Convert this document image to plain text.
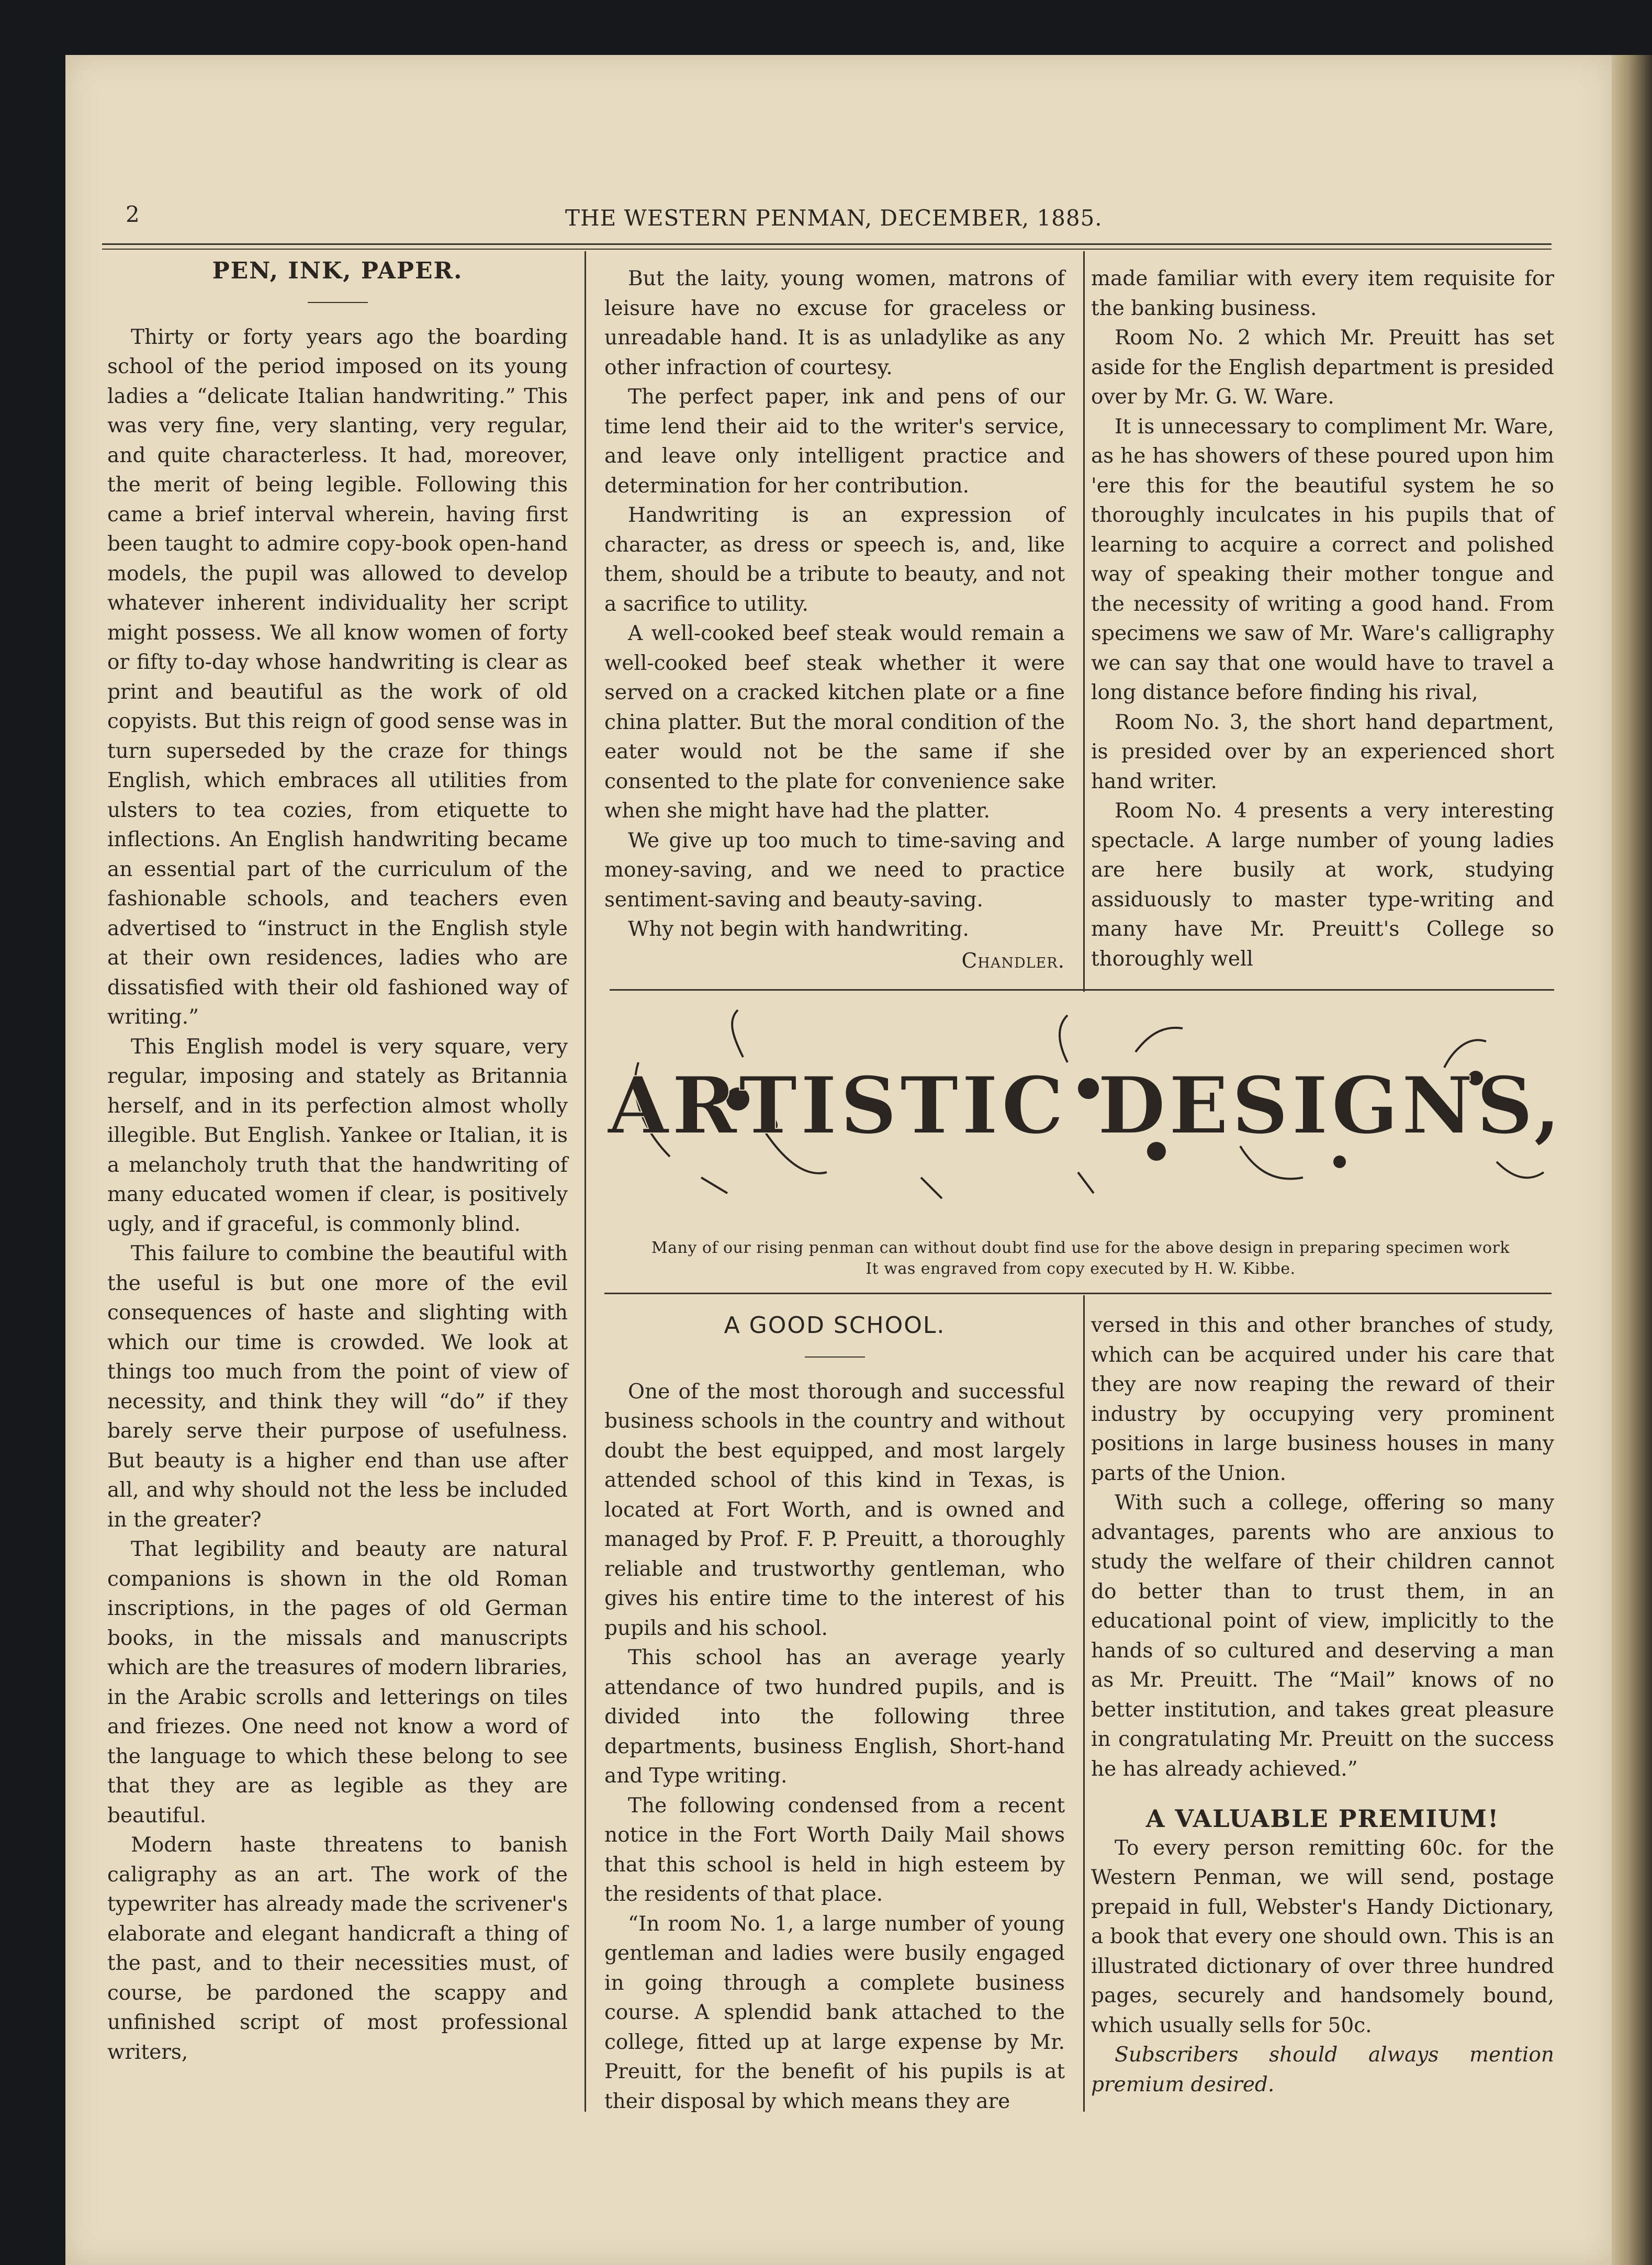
2	THE WESTERN PENMAN, DECEMBER, 1885.
PEN, INK, PAPER.

Thirty or forty years ago the boarding school of the period imposed on its young ladies a “delicate Italian handwriting.” This was very fine, very slanting, very regular, and quite characterless. It had, moreover, the merit of being legible. Following this came a brief interval wherein, having first been taught to admire copy-book open-hand models, the pupil was allowed to develop whatever inherent individuality her script might possess. We all know women of forty or fifty to-day whose handwriting is clear as print and beautiful as the work of old copyists. But this reign of good sense was in turn superseded by the craze for things English, which embraces all utilities from ulsters to tea cozies, from etiquette to inflections. An English handwriting became an essential part of the curriculum of the fashionable schools, and teachers even advertised to “instruct in the English style at their own residences, ladies who are dissatisfied with their old fashioned way of writing.”

This English model is very square, very regular, imposing and stately as Britannia herself, and in its perfection almost wholly illegible. But English. Yankee or Italian, it is a melancholy truth that the handwriting of many educated women if clear, is positively ugly, and if graceful, is commonly blind.

This failure to combine the beautiful with the useful is but one more of the evil consequences of haste and slighting with which our time is crowded. We look at things too much from the point of view of necessity, and think they will “do” if they barely serve their purpose of usefulness. But beauty is a higher end than use after all, and why should not the less be included in the greater?

That legibility and beauty are natural companions is shown in the old Roman inscriptions, in the pages of old German books, in the missals and manuscripts which are the treasures of modern libraries, in the Arabic scrolls and letterings on tiles and friezes. One need not know a word of the language to which these belong to see that they are as legible as they are beautiful.

Modern haste threatens to banish caligraphy as an art. The work of the typewriter has already made the scrivener's elaborate and elegant handicraft a thing of the past, and to their necessities must, of course, be pardoned the scappy and unfinished script of most professional writers,

But the laity, young women, matrons of leisure have no excuse for graceless or unreadable hand. It is as unladylike as any other infraction of courtesy.

The perfect paper, ink and pens of our time lend their aid to the writer's service, and leave only intelligent practice and determination for her contribution.

Handwriting is an expression of character, as dress or speech is, and, like them, should be a tribute to beauty, and not a sacrifice to utility.

A well-cooked beef steak would remain a well-cooked beef steak whether it were served on a cracked kitchen plate or a fine china platter. But the moral condition of the eater would not be the same if she consented to the plate for convenience sake when she might have had the platter.

We give up too much to time-saving and money-saving, and we need to practice sentiment-saving and beauty-saving.

Why not begin with handwriting.

Chandler.

made familiar with every item requisite for the banking business.

Room No. 2 which Mr. Preuitt has set aside for the English department is presided over by Mr. G. W. Ware.

It is unnecessary to compliment Mr. Ware, as he has showers of these poured upon him 'ere this for the beautiful system he so thoroughly inculcates in his pupils that of learning to acquire a correct and polished way of speaking their mother tongue and the necessity of writing a good hand. From specimens we saw of Mr. Ware's calligraphy we can say that one would have to travel a long distance before finding his rival,

Room No. 3, the short hand department, is presided over by an experienced short hand writer.

Room No. 4 presents a very interesting spectacle. A large number of young ladies are here busily at work, studying assiduously to master type-writing and many have Mr. Preuitt's College so thoroughly well

ARTISTIC DESIGNS,
Many of our rising penman can without doubt find use for the above design in preparing specimen work
It was engraved from copy executed by H. W. Kibbe.
A GOOD SCHOOL.

One of the most thorough and successful business schools in the country and without doubt the best equipped, and most largely attended school of this kind in Texas, is located at Fort Worth, and is owned and managed by Prof. F. P. Preuitt, a thoroughly reliable and trustworthy gentleman, who gives his entire time to the interest of his pupils and his school.

This school has an average yearly attendance of two hundred pupils, and is divided into the following three departments, business English, Short-hand and Type writing.

The following condensed from a recent notice in the Fort Worth Daily Mail shows that this school is held in high esteem by the residents of that place.

“In room No. 1, a large number of young gentleman and ladies were busily engaged in going through a complete business course. A splendid bank attached to the college, fitted up at large expense by Mr. Preuitt, for the benefit of his pupils is at their disposal by which means they are

versed in this and other branches of study, which can be acquired under his care that they are now reaping the reward of their industry by occupying very prominent positions in large business houses in many parts of the Union.

With such a college, offering so many advantages, parents who are anxious to study the welfare of their children cannot do better than to trust them, in an educational point of view, implicitly to the hands of so cultured and deserving a man as Mr. Preuitt. The “Mail” knows of no better institution, and takes great pleasure in congratulating Mr. Preuitt on the success he has already achieved.”

A VALUABLE PREMIUM!

To every person remitting 60c. for the Western Penman, we will send, postage prepaid in full, Webster's Handy Dictionary, a book that every one should own. This is an illustrated dictionary of over three hundred pages, securely and handsomely bound, which usually sells for 50c.

Subscribers should always mention premium desired.
